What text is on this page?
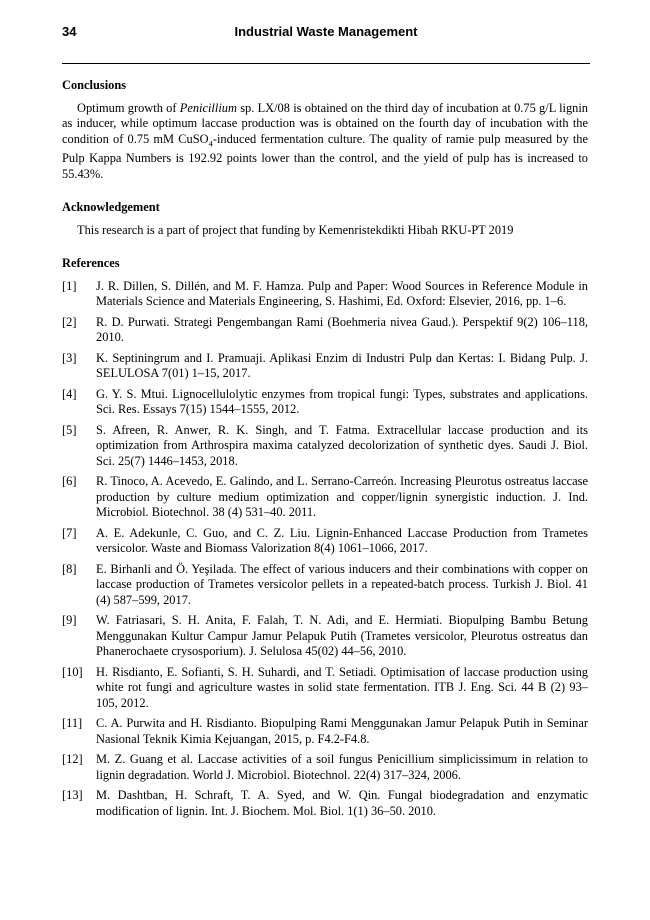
34	Industrial Waste Management

Conclusions

Optimum growth of Penicillium sp. LX/08 is obtained on the third day of incubation at 0.75 g/L lignin as inducer, while optimum laccase production was is obtained on the fourth day of incubation with the condition of 0.75 mM CuSO$_4$-induced fermentation culture. The quality of ramie pulp measured by the Pulp Kappa Numbers is 192.92 points lower than the control, and the yield of pulp has is increased to 55.43%.

Acknowledgement

This research is a part of project that funding by Kemenristekdikti Hibah RKU-PT 2019

References

[1]	J. R. Dillen, S. Dillén, and M. F. Hamza. Pulp and Paper: Wood Sources in Reference Module in Materials Science and Materials Engineering, S. Hashimi, Ed. Oxford: Elsevier, 2016, pp. 1–6.
[2]	R. D. Purwati. Strategi Pengembangan Rami (Boehmeria nivea Gaud.). Perspektif 9(2) 106–118, 2010.
[3]	K. Septiningrum and I. Pramuaji. Aplikasi Enzim di Industri Pulp dan Kertas: I. Bidang Pulp. J. SELULOSA 7(01) 1–15, 2017.
[4]	G. Y. S. Mtui. Lignocellulolytic enzymes from tropical fungi: Types, substrates and applications. Sci. Res. Essays 7(15) 1544–1555, 2012.
[5]	S. Afreen, R. Anwer, R. K. Singh, and T. Fatma. Extracellular laccase production and its optimization from Arthrospira maxima catalyzed decolorization of synthetic dyes. Saudi J. Biol. Sci. 25(7) 1446–1453, 2018.
[6]	R. Tinoco, A. Acevedo, E. Galindo, and L. Serrano-Carreón. Increasing Pleurotus ostreatus laccase production by culture medium optimization and copper/lignin synergistic induction. J. Ind. Microbiol. Biotechnol. 38 (4) 531–40. 2011.
[7]	A. E. Adekunle, C. Guo, and C. Z. Liu. Lignin-Enhanced Laccase Production from Trametes versicolor. Waste and Biomass Valorization 8(4) 1061–1066, 2017.
[8]	E. Birhanli and Ö. Yeşilada. The effect of various inducers and their combinations with copper on laccase production of Trametes versicolor pellets in a repeated-batch process. Turkish J. Biol. 41 (4) 587–599, 2017.
[9]	W. Fatriasari, S. H. Anita, F. Falah, T. N. Adi, and E. Hermiati. Biopulping Bambu Betung Menggunakan Kultur Campur Jamur Pelapuk Putih (Trametes versicolor, Pleurotus ostreatus dan Phanerochaete crysosporium). J. Selulosa 45(02) 44–56, 2010.
[10]	H. Risdianto, E. Sofianti, S. H. Suhardi, and T. Setiadi. Optimisation of laccase production using white rot fungi and agriculture wastes in solid state fermentation. ITB J. Eng. Sci. 44 B (2) 93–105, 2012.
[11]	C. A. Purwita and H. Risdianto. Biopulping Rami Menggunakan Jamur Pelapuk Putih in Seminar Nasional Teknik Kimia Kejuangan, 2015, p. F4.2-F4.8.
[12]	M. Z. Guang et al. Laccase activities of a soil fungus Penicillium simplicissimum in relation to lignin degradation. World J. Microbiol. Biotechnol. 22(4) 317–324, 2006.
[13]	M. Dashtban, H. Schraft, T. A. Syed, and W. Qin. Fungal biodegradation and enzymatic modification of lignin. Int. J. Biochem. Mol. Biol. 1(1) 36–50. 2010.
